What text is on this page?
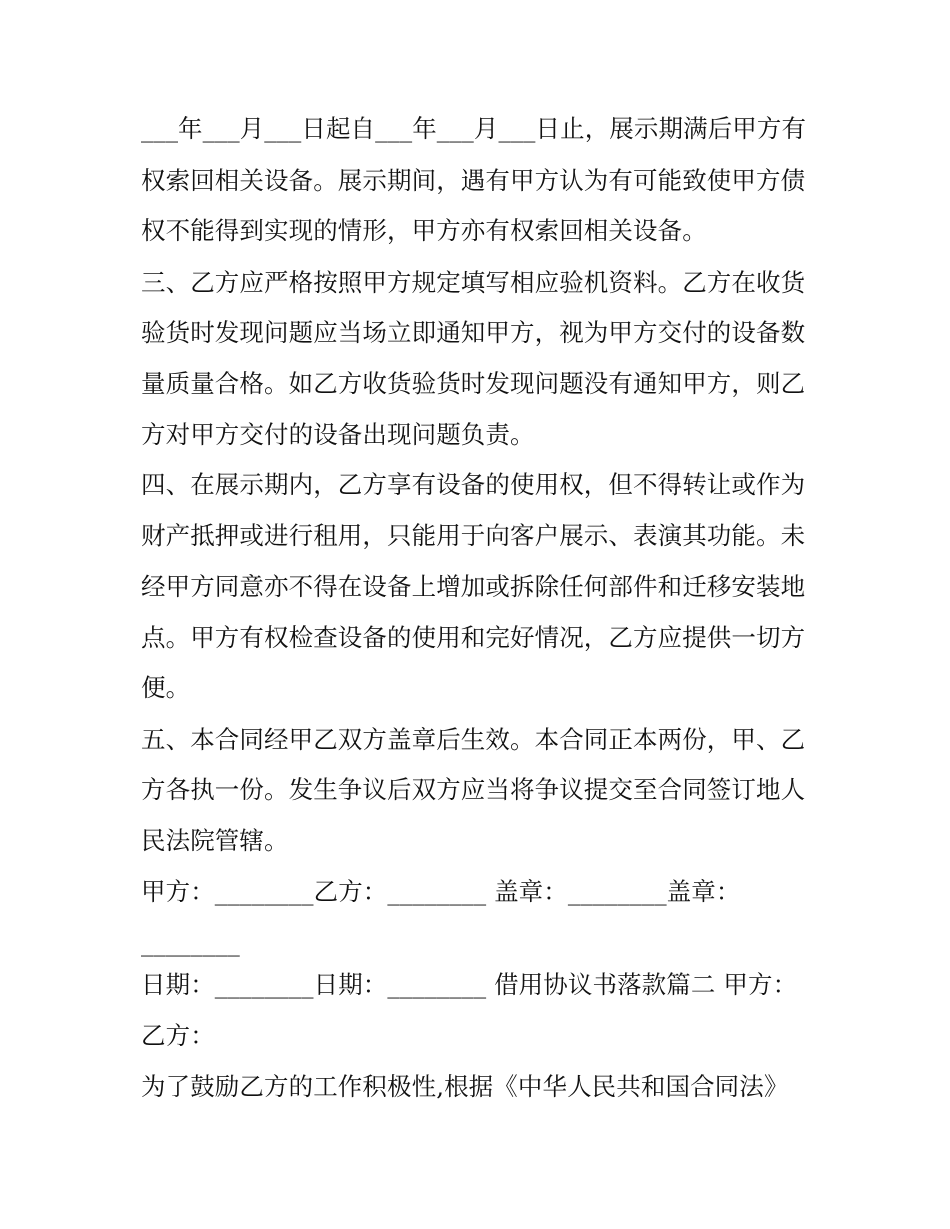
___年___月___日起自___年___月___日止，展示期满后甲方有
权索回相关设备。展示期间，遇有甲方认为有可能致使甲方债
权不能得到实现的情形，甲方亦有权索回相关设备。
三、乙方应严格按照甲方规定填写相应验机资料。乙方在收货
验货时发现问题应当场立即通知甲方，视为甲方交付的设备数
量质量合格。如乙方收货验货时发现问题没有通知甲方，则乙
方对甲方交付的设备出现问题负责。
四、在展示期内，乙方享有设备的使用权，但不得转让或作为
财产抵押或进行租用，只能用于向客户展示、表演其功能。未
经甲方同意亦不得在设备上增加或拆除任何部件和迁移安装地
点。甲方有权检查设备的使用和完好情况，乙方应提供一切方
便。
五、本合同经甲乙双方盖章后生效。本合同正本两份，甲、乙
方各执一份。发生争议后双方应当将争议提交至合同签订地人
民法院管辖。
甲方：________乙方：________ 盖章：________盖章：
________
日期：________日期：________ 借用协议书落款篇二 甲方：
乙方：
为了鼓励乙方的工作积极性,根据《中华人民共和国合同法》
